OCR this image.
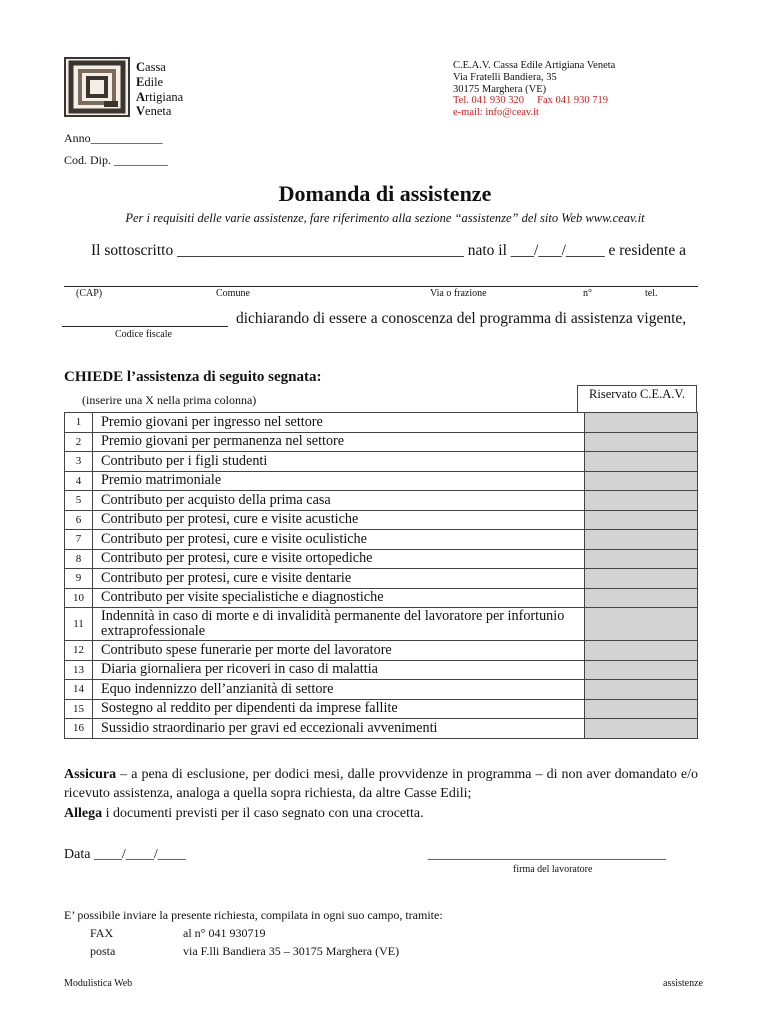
Cassa
Edile
Artigiana
Veneta
C.E.A.V. Cassa Edile Artigiana Veneta
Via Fratelli Bandiera, 35
30175 Marghera (VE)
Tel. 041 930 320 Fax 041 930 719
e-mail: info@ceav.it
Anno____________
Cod. Dip. _________
Domanda di assistenze
Per i requisiti delle varie assistenze, fare riferimento alla sezione “assistenze” del sito Web www.ceav.it
Il sottoscritto _____________________________________ nato il ___/___/_____ e residente a
(CAP)	Comune	Via o frazione	n°	tel.
dichiarando di essere a conoscenza del programma di assistenza vigente,
Codice fiscale
CHIEDE l’assistenza di seguito segnata:
(inserire una X nella prima colonna)	Riservato C.E.A.V.
1	Premio giovani per ingresso nel settore	
2	Premio giovani per permanenza nel settore	
3	Contributo per i figli studenti	
4	Premio matrimoniale	
5	Contributo per acquisto della prima casa	
6	Contributo per protesi, cure e visite acustiche	
7	Contributo per protesi, cure e visite oculistiche	
8	Contributo per protesi, cure e visite ortopediche	
9	Contributo per protesi, cure e visite dentarie	
10	Contributo per visite specialistiche e diagnostiche	
11	Indennità in caso di morte e di invalidità permanente del lavoratore per infortunio extraprofessionale	
12	Contributo spese funerarie per morte del lavoratore	
13	Diaria giornaliera per ricoveri in caso di malattia	
14	Equo indennizzo dell’anzianità di settore	
15	Sostegno al reddito per dipendenti da imprese fallite	
16	Sussidio straordinario per gravi ed eccezionali avvenimenti	
Assicura – a pena di esclusione, per dodici mesi, dalle provvidenze in programma – di non aver domandato e/o ricevuto assistenza, analoga a quella sopra richiesta, da altre Casse Edili;
Allega i documenti previsti per il caso segnato con una crocetta.
Data ____/____/____	__________________________________
firma del lavoratore
E’ possibile inviare la presente richiesta, compilata in ogni suo campo, tramite:
FAX	al n° 041 930719
posta	via F.lli Bandiera 35 – 30175 Marghera (VE)
Modulistica Web	assistenze
